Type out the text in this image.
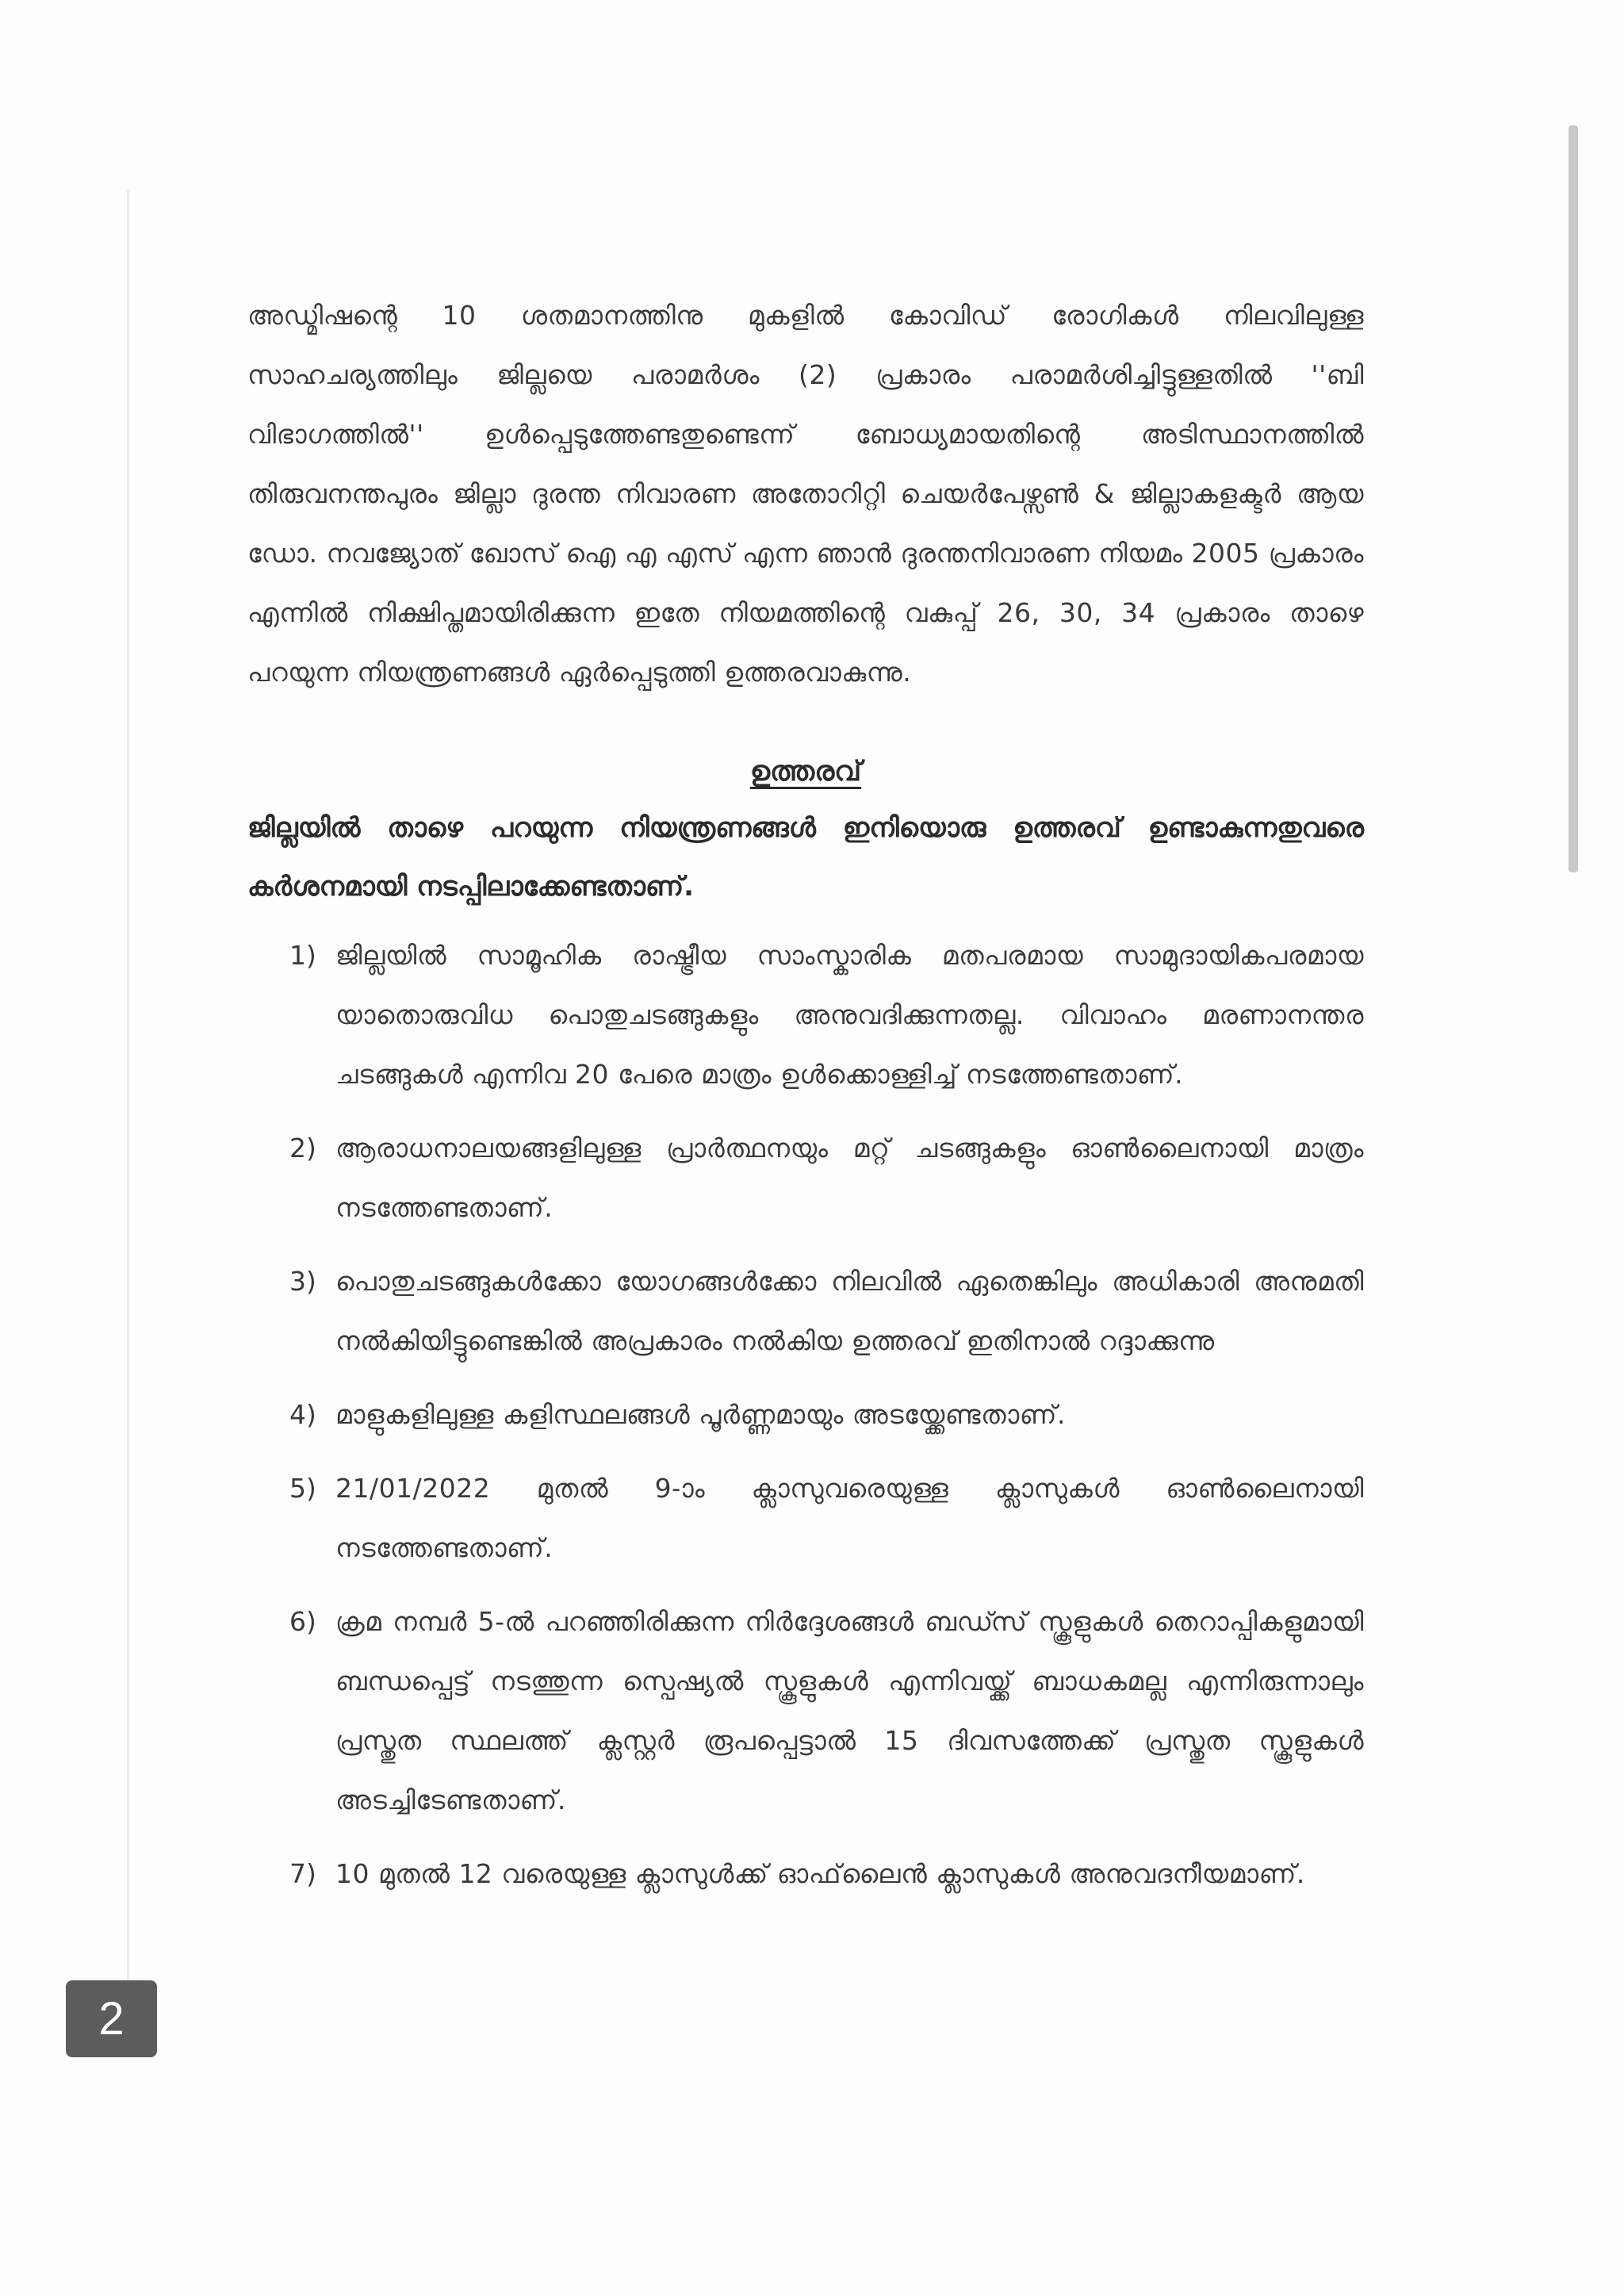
അഡ്മിഷന്റെ 10 ശതമാനത്തിനു മുകളിൽ കോവിഡ് രോഗികൾ നിലവിലുള്ള സാഹചര്യത്തിലും ജില്ലയെ പരാമർശം (2) പ്രകാരം പരാമർശിച്ചിട്ടുള്ളതിൽ ''ബി വിഭാഗത്തിൽ'' ഉൾപ്പെടുത്തേണ്ടതുണ്ടെന്ന് ബോധ്യമായതിന്റെ അടിസ്ഥാനത്തിൽ തിരുവനന്തപുരം ജില്ലാ ദുരന്ത നിവാരണ അതോറിറ്റി ചെയർപേഴ്സൺ & ജില്ലാകളക്ടർ ആയ ഡോ. നവജ്യോത് ഖോസ് ഐ എ എസ് എന്ന ഞാൻ ദുരന്തനിവാരണ നിയമം 2005 പ്രകാരം എന്നിൽ നിക്ഷിപ്തമായിരിക്കുന്ന ഇതേ നിയമത്തിന്റെ വകുപ്പ് 26, 30, 34 പ്രകാരം താഴെ പറയുന്ന നിയന്ത്രണങ്ങൾ ഏർപ്പെടുത്തി ഉത്തരവാകുന്നു.

ഉത്തരവ്

ജില്ലയിൽ താഴെ പറയുന്ന നിയന്ത്രണങ്ങൾ ഇനിയൊരു ഉത്തരവ് ഉണ്ടാകുന്നതുവരെ കർശനമായി നടപ്പിലാക്കേണ്ടതാണ്.

1) ജില്ലയിൽ സാമൂഹിക രാഷ്ട്രീയ സാംസ്കാരിക മതപരമായ സാമുദായികപരമായ യാതൊരുവിധ പൊതുചടങ്ങുകളും അനുവദിക്കുന്നതല്ല. വിവാഹം മരണാനന്തര ചടങ്ങുകൾ എന്നിവ 20 പേരെ മാത്രം ഉൾക്കൊള്ളിച്ച് നടത്തേണ്ടതാണ്.
2) ആരാധനാലയങ്ങളിലുള്ള പ്രാർത്ഥനയും മറ്റ് ചടങ്ങുകളും ഓൺലൈനായി മാത്രം നടത്തേണ്ടതാണ്.
3) പൊതുചടങ്ങുകൾക്കോ യോഗങ്ങൾക്കോ നിലവിൽ ഏതെങ്കിലും അധികാരി അനുമതി നൽകിയിട്ടുണ്ടെങ്കിൽ അപ്രകാരം നൽകിയ ഉത്തരവ് ഇതിനാൽ റദ്ദാക്കുന്നു
4) മാളുകളിലുള്ള കളിസ്ഥലങ്ങൾ പൂർണ്ണമായും അടയ്ക്കേണ്ടതാണ്.
5) 21/01/2022 മുതൽ 9-ാം ക്ലാസുവരെയുള്ള ക്ലാസുകൾ ഓൺലൈനായി നടത്തേണ്ടതാണ്.
6) ക്രമ നമ്പർ 5-ൽ പറഞ്ഞിരിക്കുന്ന നിർദ്ദേശങ്ങൾ ബഡ്സ് സ്കൂളുകൾ തെറാപ്പികളുമായി ബന്ധപ്പെട്ട് നടത്തുന്ന സ്പെഷ്യൽ സ്കൂളുകൾ എന്നിവയ്ക്ക് ബാധകമല്ല എന്നിരുന്നാലും പ്രസ്തുത സ്ഥലത്ത് ക്ലസ്റ്റർ രൂപപ്പെട്ടാൽ 15 ദിവസത്തേക്ക് പ്രസ്തുത സ്കൂളുകൾ അടച്ചിടേണ്ടതാണ്.
7) 10 മുതൽ 12 വരെയുള്ള ക്ലാസുൾക്ക് ഓഫ്‌ലൈൻ ക്ലാസുകൾ അനുവദനീയമാണ്.
2
